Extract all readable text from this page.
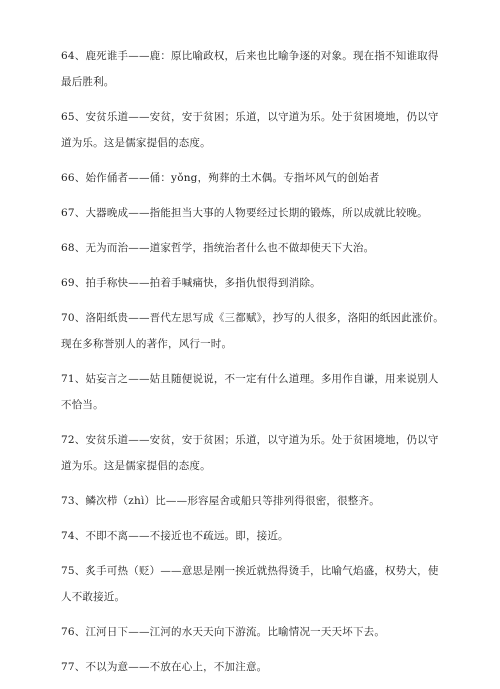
64、鹿死谁手——鹿：原比喻政权，后来也比喻争逐的对象。现在指不知谁取得最后胜利。

65、安贫乐道——安贫，安于贫困；乐道，以守道为乐。处于贫困境地，仍以守道为乐。这是儒家提倡的态度。

66、始作俑者——俑：yǒng，殉葬的土木偶。专指坏风气的创始者

67、大器晚成——指能担当大事的人物要经过长期的锻炼，所以成就比较晚。

68、无为而治——道家哲学，指统治者什么也不做却使天下大治。

69、拍手称快——拍着手喊痛快，多指仇恨得到消除。

70、洛阳纸贵——晋代左思写成《三都赋》，抄写的人很多，洛阳的纸因此涨价。现在多称誉别人的著作，风行一时。

71、姑妄言之——姑且随便说说，不一定有什么道理。多用作自谦，用来说别人不恰当。

72、安贫乐道——安贫，安于贫困；乐道，以守道为乐。处于贫困境地，仍以守道为乐。这是儒家提倡的态度。

73、鳞次栉（zhì）比——形容屋舍或船只等排列得很密，很整齐。

74、不即不离——不接近也不疏远。即，接近。

75、炙手可热（贬）——意思是刚一挨近就热得烫手，比喻气焰盛，权势大，使人不敢接近。

76、江河日下——江河的水天天向下游流。比喻情况一天天坏下去。

77、不以为意——不放在心上，不加注意。
